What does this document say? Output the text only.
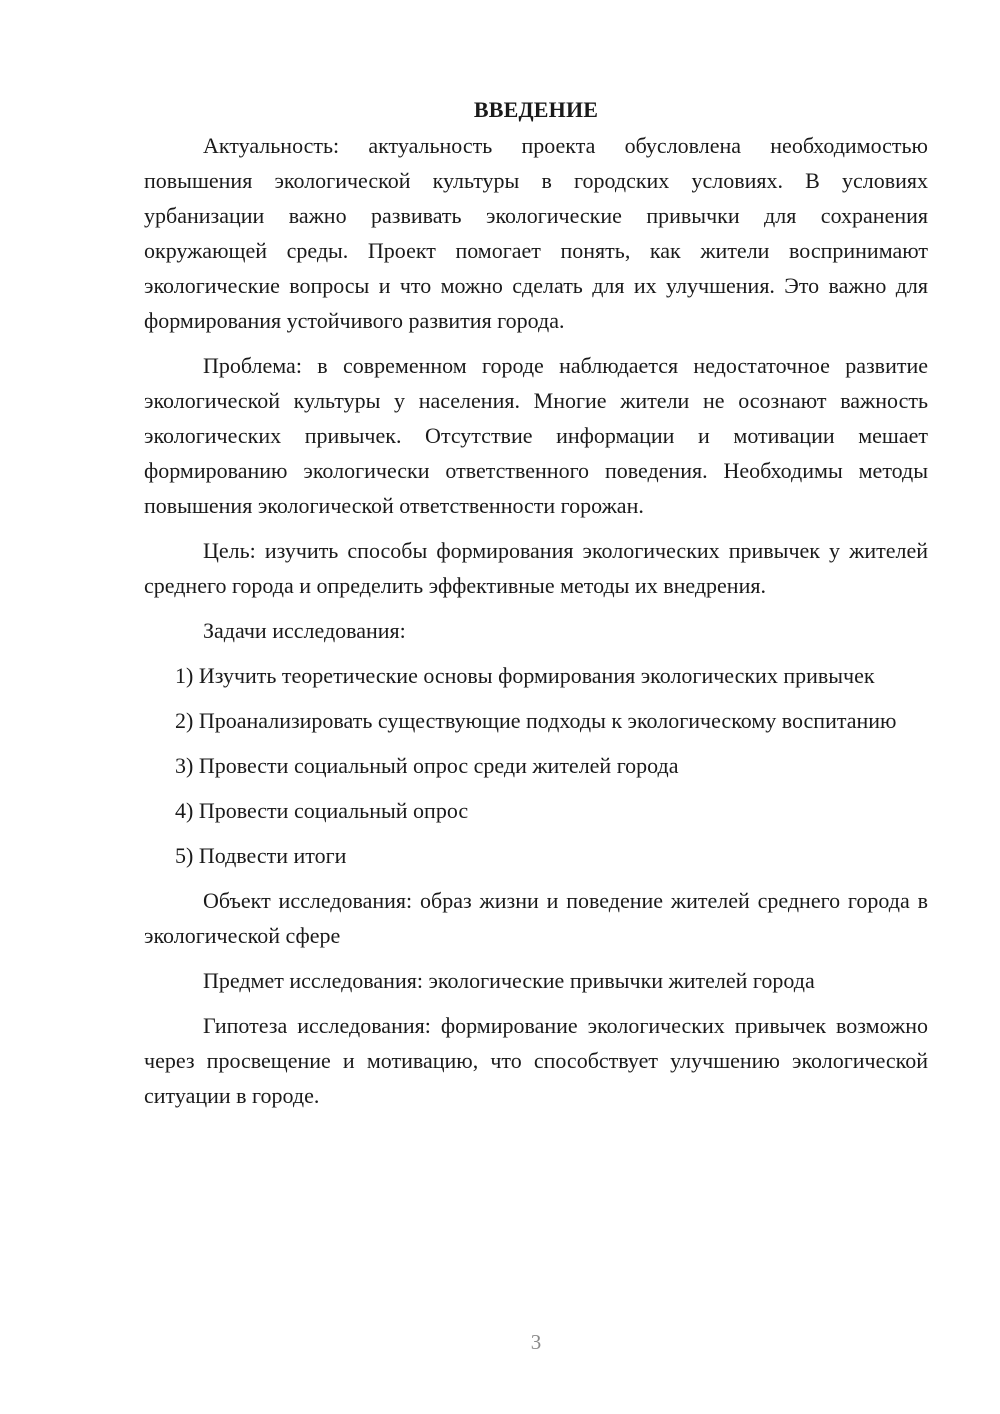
ВВЕДЕНИЕ

Актуальность: актуальность проекта обусловлена необходимостью повышения экологической культуры в городских условиях. В условиях урбанизации важно развивать экологические привычки для сохранения окружающей среды. Проект помогает понять, как жители воспринимают экологические вопросы и что можно сделать для их улучшения. Это важно для формирования устойчивого развития города.

Проблема: в современном городе наблюдается недостаточное развитие экологической культуры у населения. Многие жители не осознают важность экологических привычек. Отсутствие информации и мотивации мешает формированию экологически ответственного поведения. Необходимы методы повышения экологической ответственности горожан.

Цель: изучить способы формирования экологических привычек у жителей среднего города и определить эффективные методы их внедрения.

Задачи исследования:

1) Изучить теоретические основы формирования экологических привычек

2) Проанализировать существующие подходы к экологическому воспитанию

3) Провести социальный опрос среди жителей города

4) Провести социальный опрос

5) Подвести итоги

Объект исследования: образ жизни и поведение жителей среднего города в экологической сфере

Предмет исследования: экологические привычки жителей города

Гипотеза исследования: формирование экологических привычек возможно через просвещение и мотивацию, что способствует улучшению экологической ситуации в городе.

3
